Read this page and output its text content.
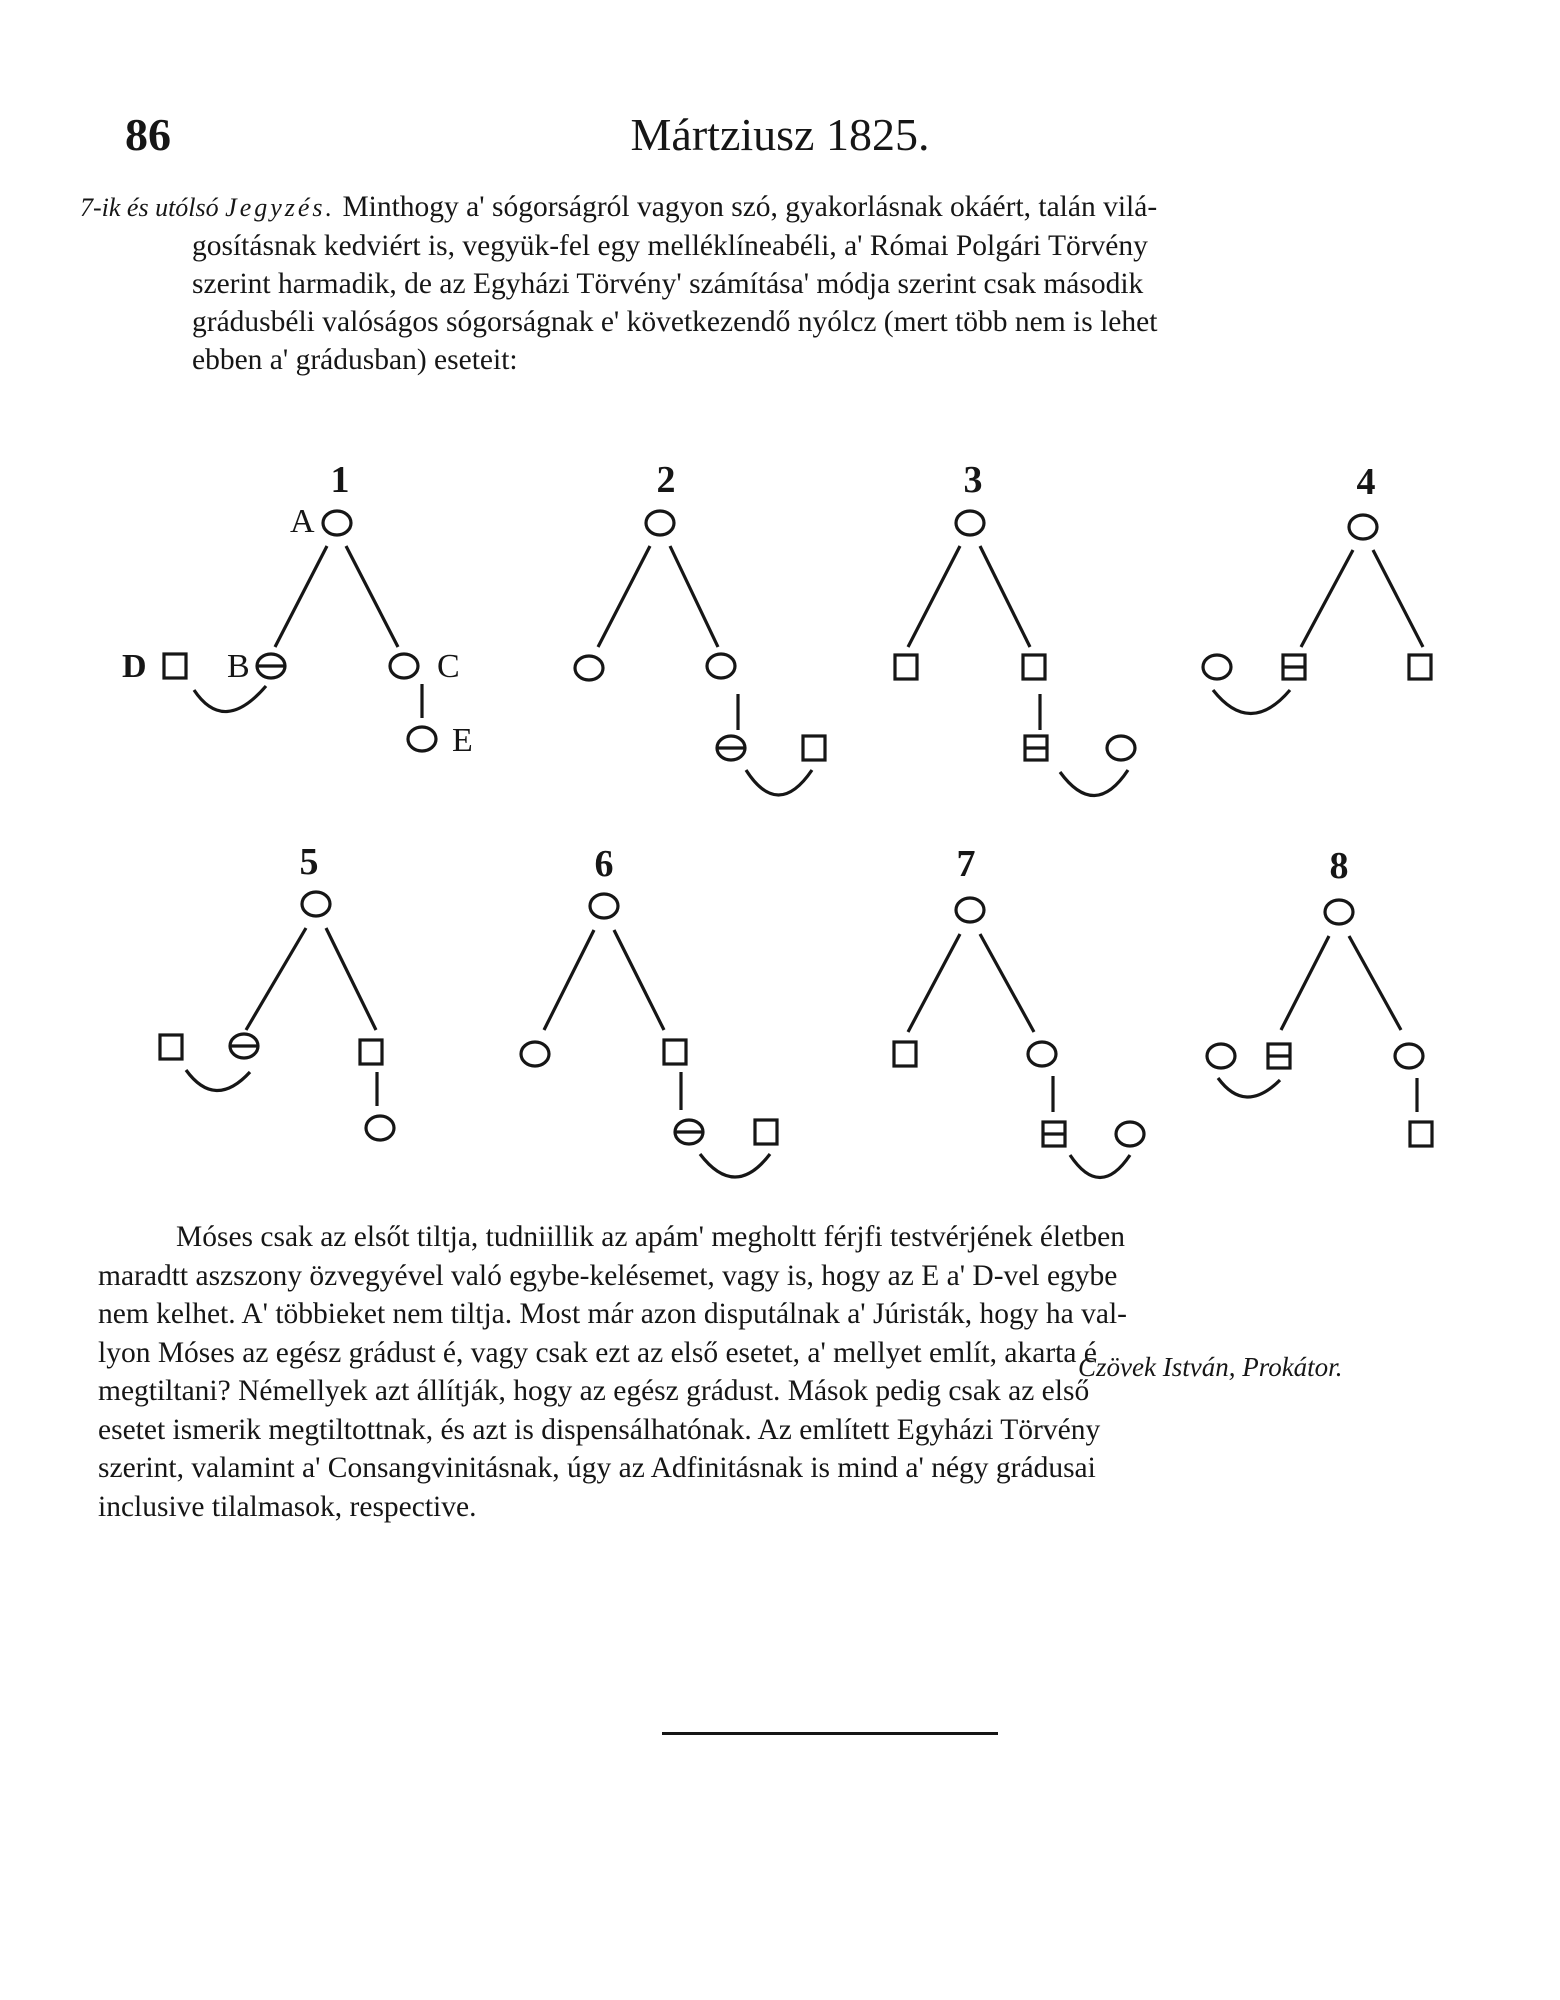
86	Mártziusz 1825.
7-ik és utólsó Jegyzés. Minthogy a' sógorságról vagyon szó, gyakorlásnak okáért, talán vilá-
gosításnak kedviért is, vegyük-fel egy melléklíneabéli, a' Római Polgári Törvény
szerint harmadik, de az Egyházi Törvény' számítása' módja szerint csak második
grádusbéli valóságos sógorságnak e' következendő nyólcz (mert több nem is lehet
ebben a' grádusban) eseteit:
1
A
D B	C
E
2	3	4
5	6	7	8
Móses csak az elsőt tiltja, tudniillik az apám' megholtt férjfi testvérjének életben
maradtt aszszony özvegyével való egybe-kelésemet, vagy is, hogy az E a' D-vel egybe
nem kelhet. A' többieket nem tiltja. Most már azon disputálnak a' Júristák, hogy ha val-
lyon Móses az egész grádust é, vagy csak ezt az első esetet, a' mellyet említ, akarta é
megtiltani? Némellyek azt állítják, hogy az egész grádust. Mások pedig csak az első
esetet ismerik megtiltottnak, és azt is dispensálhatónak. Az említett Egyházi Törvény
szerint, valamint a' Consangvinitásnak, úgy az Adfinitásnak is mind a' négy grádusai
inclusive tilalmasok, respective.
Czövek István, Prokátor.
